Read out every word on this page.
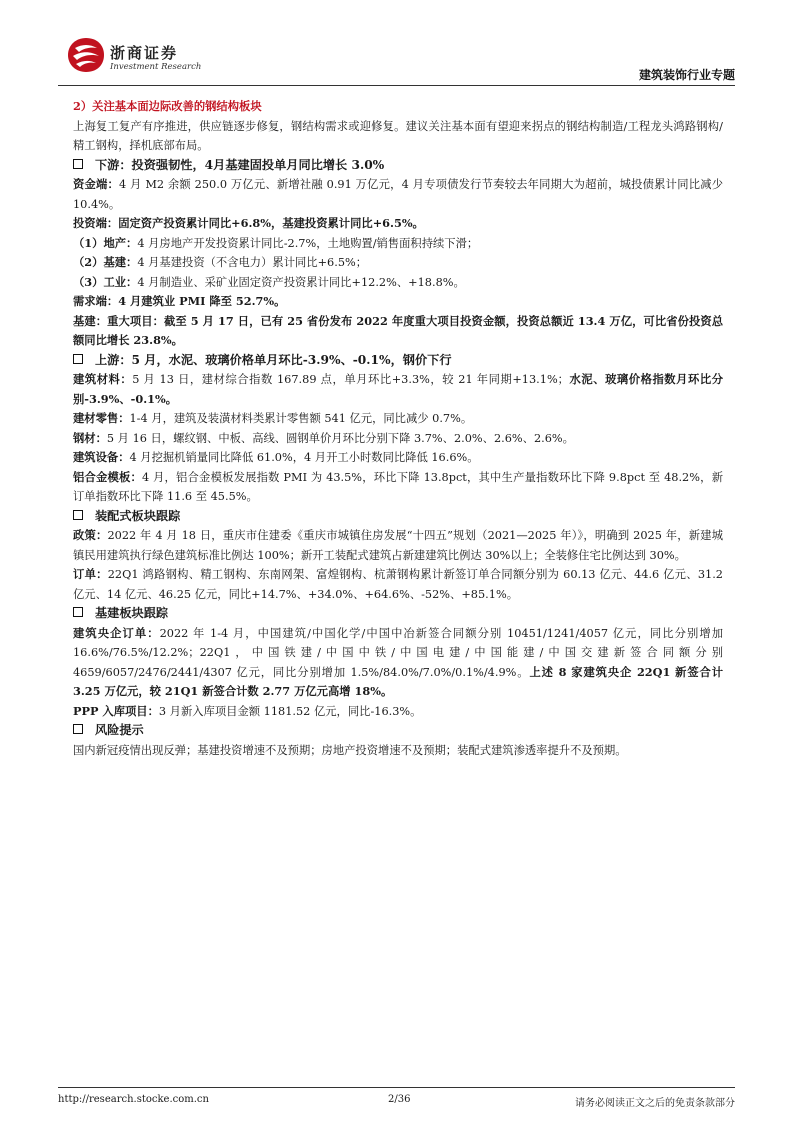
浙商证券
Investment Research
建筑装饰行业专题

2）关注基本面边际改善的钢结构板块

上海复工复产有序推进，供应链逐步修复，钢结构需求或迎修复。建议关注基本面有望迎来拐点的钢结构制造/工程龙头鸿路钢构/精工钢构，择机底部布局。

下游：投资强韧性，4月基建固投单月同比增长 3.0%

资金端：4 月 M2 余额 250.0 万亿元、新增社融 0.91 万亿元，4 月专项债发行节奏较去年同期大为超前，城投债累计同比减少 10.4%。

投资端：固定资产投资累计同比+6.8%，基建投资累计同比+6.5%。

（1）地产：4 月房地产开发投资累计同比-2.7%，土地购置/销售面积持续下滑；

（2）基建：4 月基建投资（不含电力）累计同比+6.5%；

（3）工业：4 月制造业、采矿业固定资产投资累计同比+12.2%、+18.8%。

需求端：4 月建筑业 PMI 降至 52.7%。

基建：重大项目：截至 5 月 17 日，已有 25 省份发布 2022 年度重大项目投资金额，投资总额近 13.4 万亿，可比省份投资总额同比增长 23.8%。

上游：5 月，水泥、玻璃价格单月环比-3.9%、-0.1%，钢价下行

建筑材料：5 月 13 日，建材综合指数 167.89 点，单月环比+3.3%，较 21 年同期+13.1%；水泥、玻璃价格指数月环比分别-3.9%、-0.1%。

建材零售：1-4 月，建筑及装潢材料类累计零售额 541 亿元，同比减少 0.7%。

钢材：5 月 16 日，螺纹钢、中板、高线、圆钢单价月环比分别下降 3.7%、2.0%、2.6%、2.6%。

建筑设备：4 月挖掘机销量同比降低 61.0%，4 月开工小时数同比降低 16.6%。

铝合金模板：4 月，铝合金模板发展指数 PMI 为 43.5%，环比下降 13.8pct，其中生产量指数环比下降 9.8pct 至 48.2%，新订单指数环比下降 11.6 至 45.5%。

装配式板块跟踪

政策：2022 年 4 月 18 日，重庆市住建委《重庆市城镇住房发展“十四五”规划（2021—2025 年）》，明确到 2025 年，新建城镇民用建筑执行绿色建筑标准比例达 100%；新开工装配式建筑占新建建筑比例达 30%以上；全装修住宅比例达到 30%。

订单：22Q1 鸿路钢构、精工钢构、东南网架、富煌钢构、杭萧钢构累计新签订单合同额分别为 60.13 亿元、44.6 亿元、31.2 亿元、14 亿元、46.25 亿元，同比+14.7%、+34.0%、+64.6%、-52%、+85.1%。

基建板块跟踪

建筑央企订单：2022 年 1-4 月，中国建筑/中国化学/中国中冶新签合同额分别 10451/1241/4057 亿元，同比分别增加 16.6%/76.5%/12.2%；22Q1，中国铁建/中国中铁/中国电建/中国能建/中国交建新签合同额分别 4659/6057/2476/2441/4307 亿元，同比分别增加 1.5%/84.0%/7.0%/0.1%/4.9%。上述 8 家建筑央企 22Q1 新签合计 3.25 万亿元，较 21Q1 新签合计数 2.77 万亿元高增 18%。

PPP 入库项目：3 月新入库项目金额 1181.52 亿元，同比-16.3%。

风险提示

国内新冠疫情出现反弹；基建投资增速不及预期；房地产投资增速不及预期；装配式建筑渗透率提升不及预期。

http://research.stocke.com.cn	2/36	请务必阅读正文之后的免责条款部分
